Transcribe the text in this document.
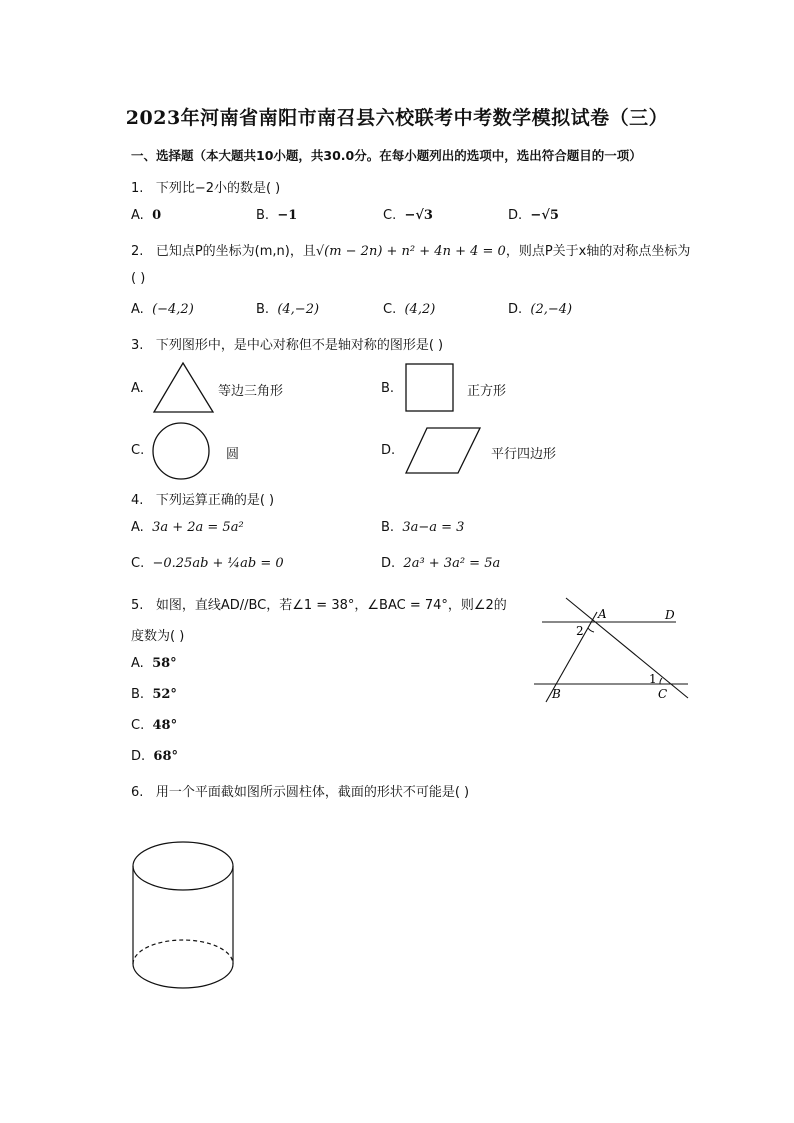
2023年河南省南阳市南召县六校联考中考数学模拟试卷（三）
一、选择题（本大题共10小题，共30.0分。在每小题列出的选项中，选出符合题目的一项）
1. 下列比−2小的数是( )
A. 0	B. −1	C. −√3	D. −√5
2. 已知点P的坐标为(m,n)，且√(m − 2n) + n² + 4n + 4 = 0，则点P关于x轴的对称点坐标为
( )
A. (−4,2)	B. (4,−2)	C. (4,2)	D. (2,−4)
3. 下列图形中，是中心对称但不是轴对称的图形是( )
A.	等边三角形	B.	正方形
C.	圆	D.	平行四边形
4. 下列运算正确的是( )
A. 3a + 2a = 5a²	B. 3a−a = 3
C. −0.25ab + ¼ab = 0	D. 2a³ + 3a² = 5a
5. 如图，直线AD//BC，若∠1 = 38°，∠BAC = 74°，则∠2的
度数为( )
A. 58°
B. 52°
C. 48°
D. 68°
A	D
B	C
1
2
6. 用一个平面截如图所示圆柱体，截面的形状不可能是( )
